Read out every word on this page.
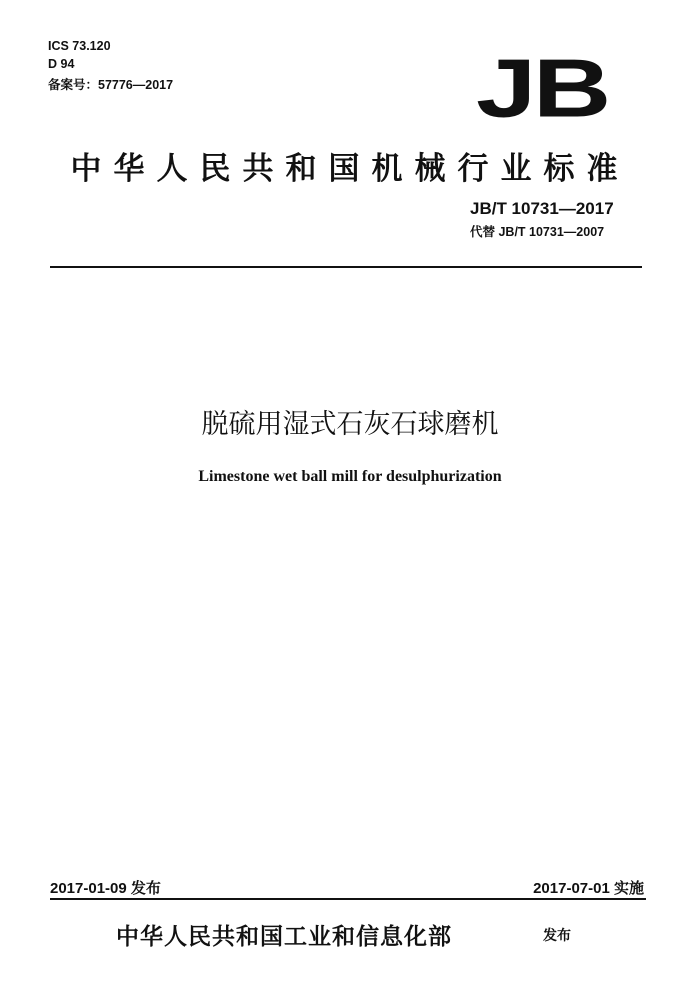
ICS 73.120
D 94
备案号：57776—2017	JB
中华人民共和国机械行业标准
JB/T 10731—2017
代替 JB/T 10731—2007
脱硫用湿式石灰石球磨机
Limestone wet ball mill for desulphurization
2017-01-09 发布	2017-07-01 实施
中华人民共和国工业和信息化部	发布
